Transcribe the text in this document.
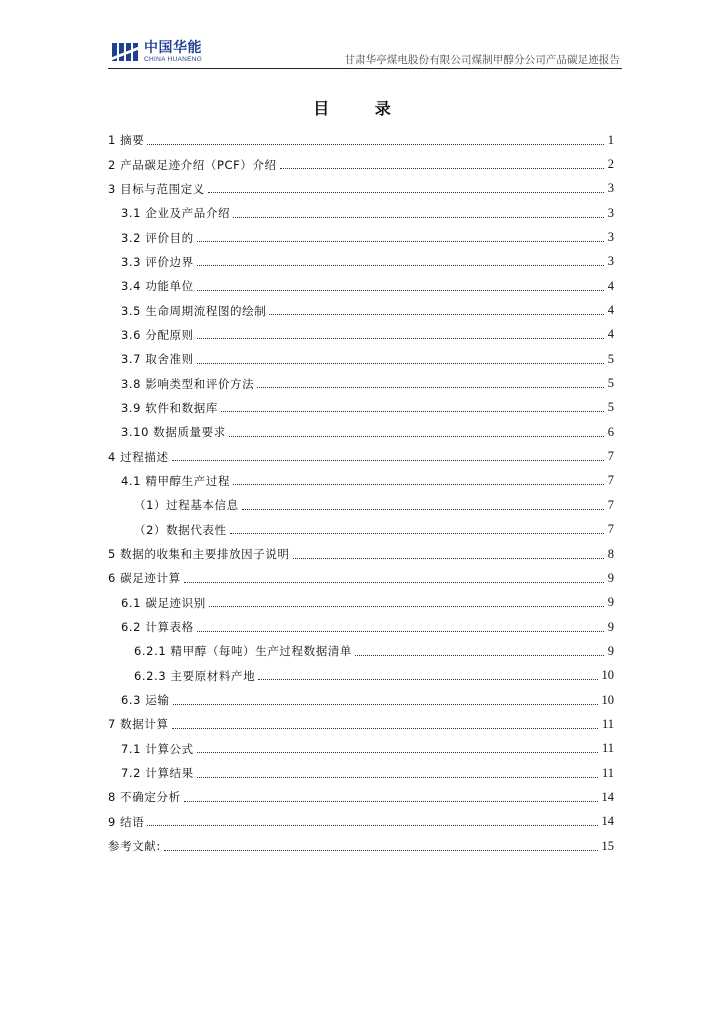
中国华能
CHINA HUANENG	甘肃华亭煤电股份有限公司煤制甲醇分公司产品碳足迹报告
目 录
1 摘要	1
2 产品碳足迹介绍（PCF）介绍	2
3 目标与范围定义	3
3.1 企业及产品介绍	3
3.2 评价目的	3
3.3 评价边界	3
3.4 功能单位	4
3.5 生命周期流程图的绘制	4
3.6 分配原则	4
3.7 取舍准则	5
3.8 影响类型和评价方法	5
3.9 软件和数据库	5
3.10 数据质量要求	6
4 过程描述	7
4.1 精甲醇生产过程	7
（1）过程基本信息	7
（2）数据代表性	7
5 数据的收集和主要排放因子说明	8
6 碳足迹计算	9
6.1 碳足迹识别	9
6.2 计算表格	9
6.2.1 精甲醇（每吨）生产过程数据清单	9
6.2.3 主要原材料产地	10
6.3 运输	10
7 数据计算	11
7.1 计算公式	11
7.2 计算结果	11
8 不确定分析	14
9 结语	14
参考文献:	15
